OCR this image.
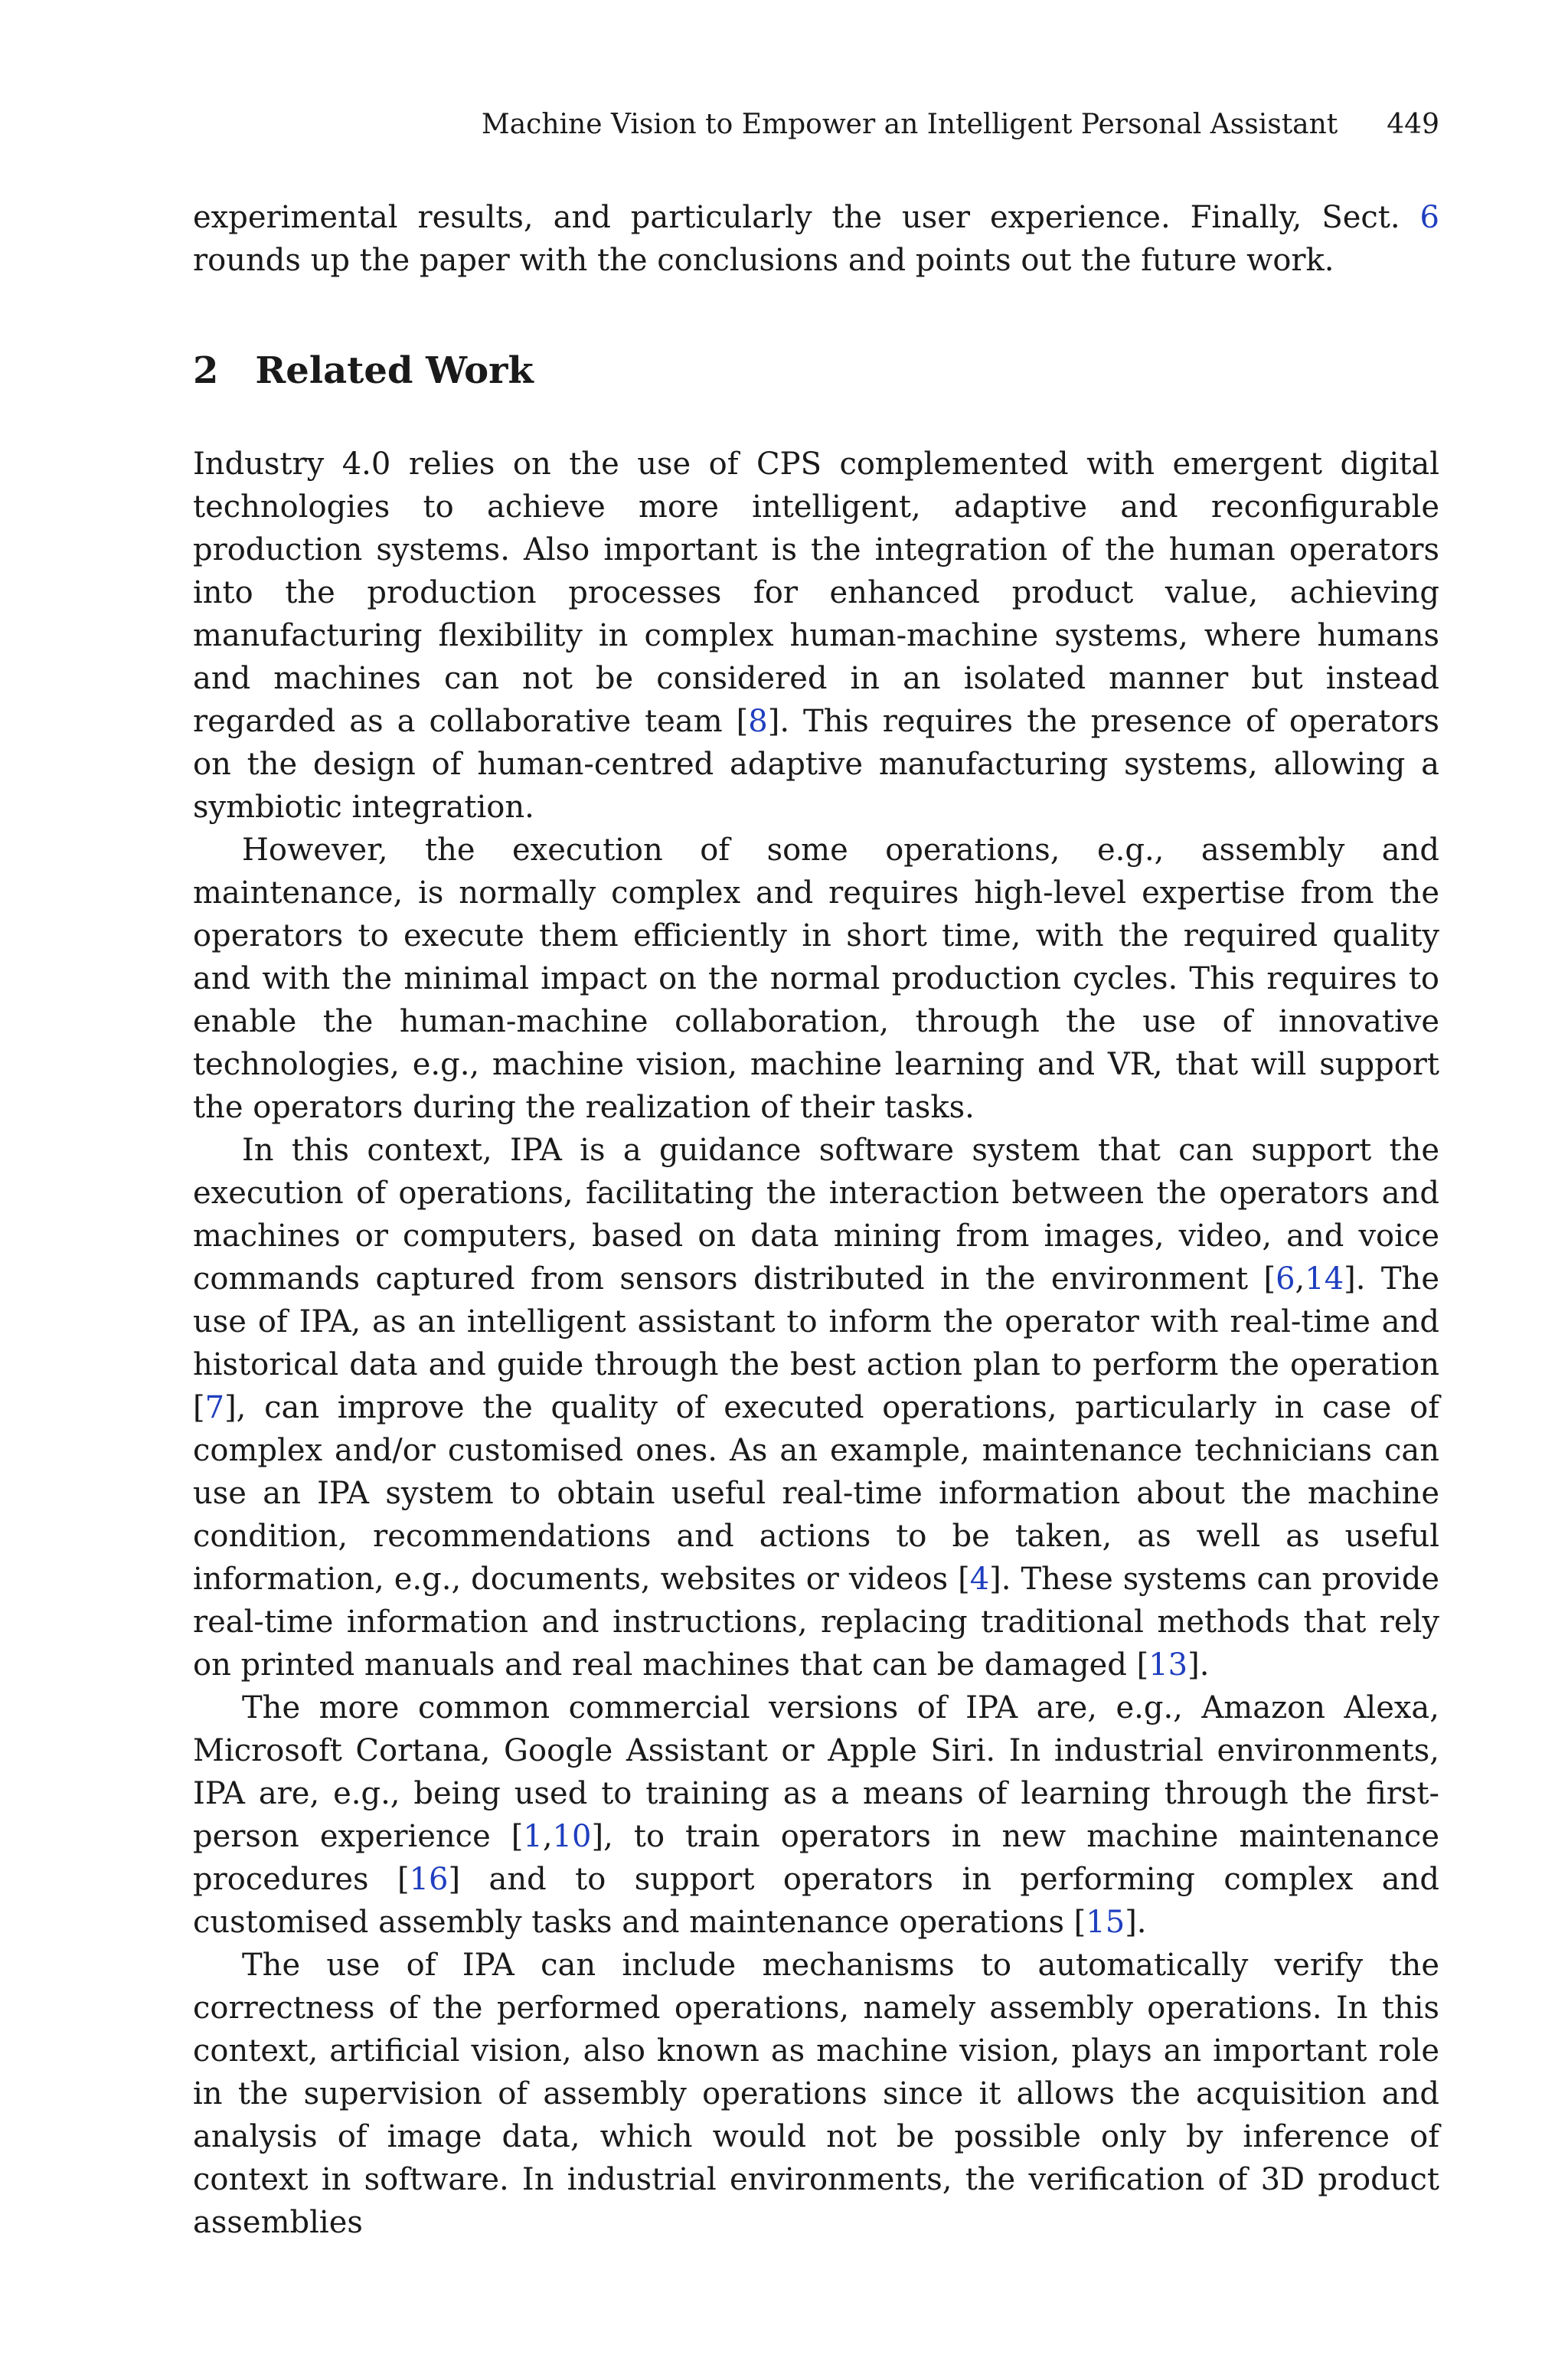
Machine Vision to Empower an Intelligent Personal Assistant 449

experimental results, and particularly the user experience. Finally, Sect. 6 rounds up the paper with the conclusions and points out the future work.

2 Related Work

Industry 4.0 relies on the use of CPS complemented with emergent digital technologies to achieve more intelligent, adaptive and reconfigurable production systems. Also important is the integration of the human operators into the production processes for enhanced product value, achieving manufacturing flexibility in complex human-machine systems, where humans and machines can not be considered in an isolated manner but instead regarded as a collaborative team [8]. This requires the presence of operators on the design of human-centred adaptive manufacturing systems, allowing a symbiotic integration.

However, the execution of some operations, e.g., assembly and maintenance, is normally complex and requires high-level expertise from the operators to execute them efficiently in short time, with the required quality and with the minimal impact on the normal production cycles. This requires to enable the human-machine collaboration, through the use of innovative technologies, e.g., machine vision, machine learning and VR, that will support the operators during the realization of their tasks.

In this context, IPA is a guidance software system that can support the execution of operations, facilitating the interaction between the operators and machines or computers, based on data mining from images, video, and voice commands captured from sensors distributed in the environment [6,14]. The use of IPA, as an intelligent assistant to inform the operator with real-time and historical data and guide through the best action plan to perform the operation [7], can improve the quality of executed operations, particularly in case of complex and/or customised ones. As an example, maintenance technicians can use an IPA system to obtain useful real-time information about the machine condition, recommendations and actions to be taken, as well as useful information, e.g., documents, websites or videos [4]. These systems can provide real-time information and instructions, replacing traditional methods that rely on printed manuals and real machines that can be damaged [13].

The more common commercial versions of IPA are, e.g., Amazon Alexa, Microsoft Cortana, Google Assistant or Apple Siri. In industrial environments, IPA are, e.g., being used to training as a means of learning through the first-person experience [1,10], to train operators in new machine maintenance procedures [16] and to support operators in performing complex and customised assembly tasks and maintenance operations [15].

The use of IPA can include mechanisms to automatically verify the correctness of the performed operations, namely assembly operations. In this context, artificial vision, also known as machine vision, plays an important role in the supervision of assembly operations since it allows the acquisition and analysis of image data, which would not be possible only by inference of context in software. In industrial environments, the verification of 3D product assemblies
